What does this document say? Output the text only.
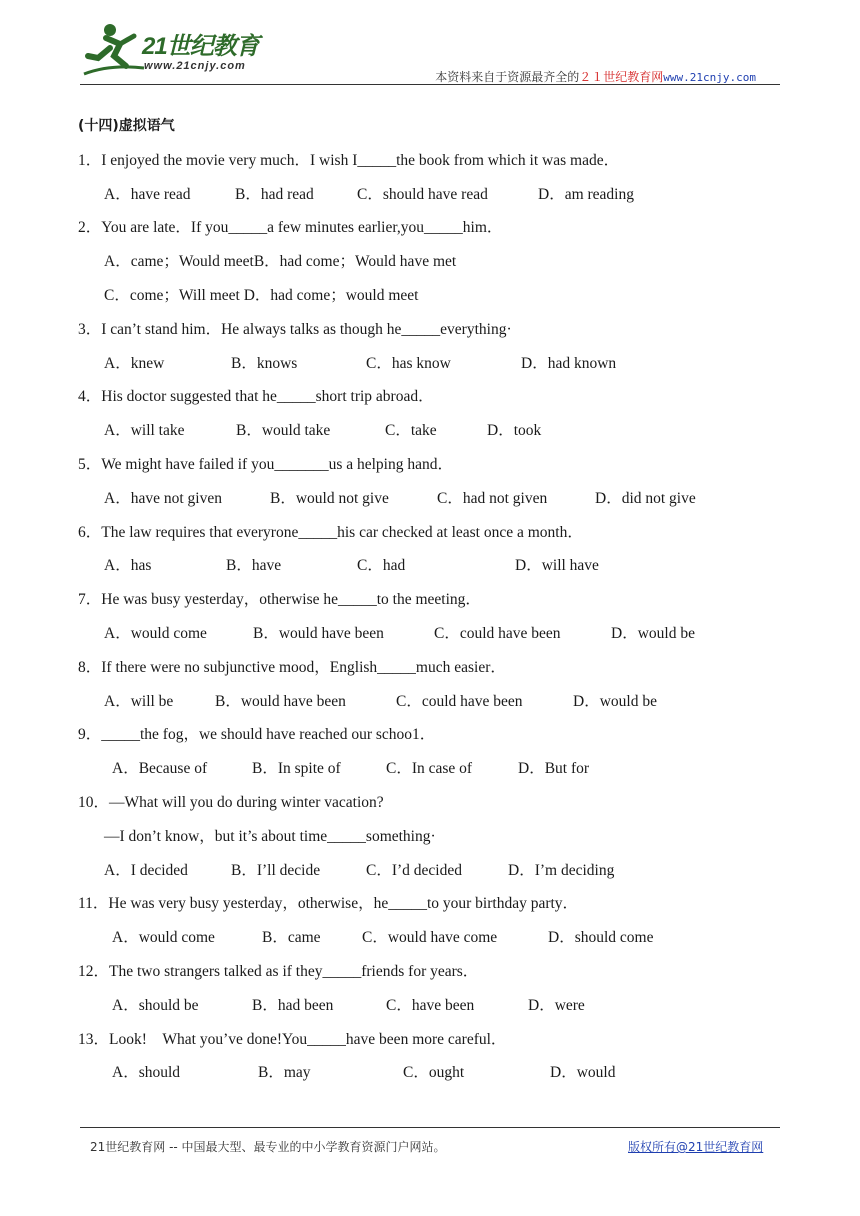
21世纪教育
www.21cnjy.com
本资料来自于资源最齐全的２１世纪教育网www.21cnjy.com
(十四)虚拟语气
1．I enjoyed the movie very much．I wish I_____the book from which it was made．
A．have read	B．had read	C．should have read	D．am reading
2．You are late．If you_____a few minutes earlier,you_____him．
A．came；Would meetB．had come；Would have met
C．come；Will meet D．had come；would meet
3．I can’t stand him．He always talks as though he_____everything·
A．knew	B．knows	C．has know	D．had known
4．His doctor suggested that he_____short trip abroad．
A．will take	B．would take	C．take	D．took
5．We might have failed if you_______us a helping hand．
A．have not given	B．would not give	C．had not given	D．did not give
6．The law requires that everyrone_____his car checked at least once a month．
A．has	B．have	C．had	D．will have
7．He was busy yesterday，otherwise he_____to the meeting．
A．would come	B．would have been	C．could have been	D．would be
8．If there were no subjunctive mood，English_____much easier．
A．will be	B．would have been	C．could have been	D．would be
9．_____the fog，we should have reached our schoo1．
A．Because of	B．In spite of	C．In case of	D．But for
10．—What will you do during winter vacation?
—I don’t know，but it’s about time_____something·
A．I decided	B．I’ll decide	C．I’d decided	D．I’m deciding
11．He was very busy yesterday，otherwise，he_____to your birthday party．
A．would come	B．came	C．would have come	D．should come
12．The two strangers talked as if they_____friends for years．
A．should be	B．had been	C．have been	D．were
13．Look!　What you’ve done!You_____have been more careful．
A．should	B．may	C．ought	D．would
21世纪教育网 -- 中国最大型、最专业的中小学教育资源门户网站。	版权所有@21世纪教育网
